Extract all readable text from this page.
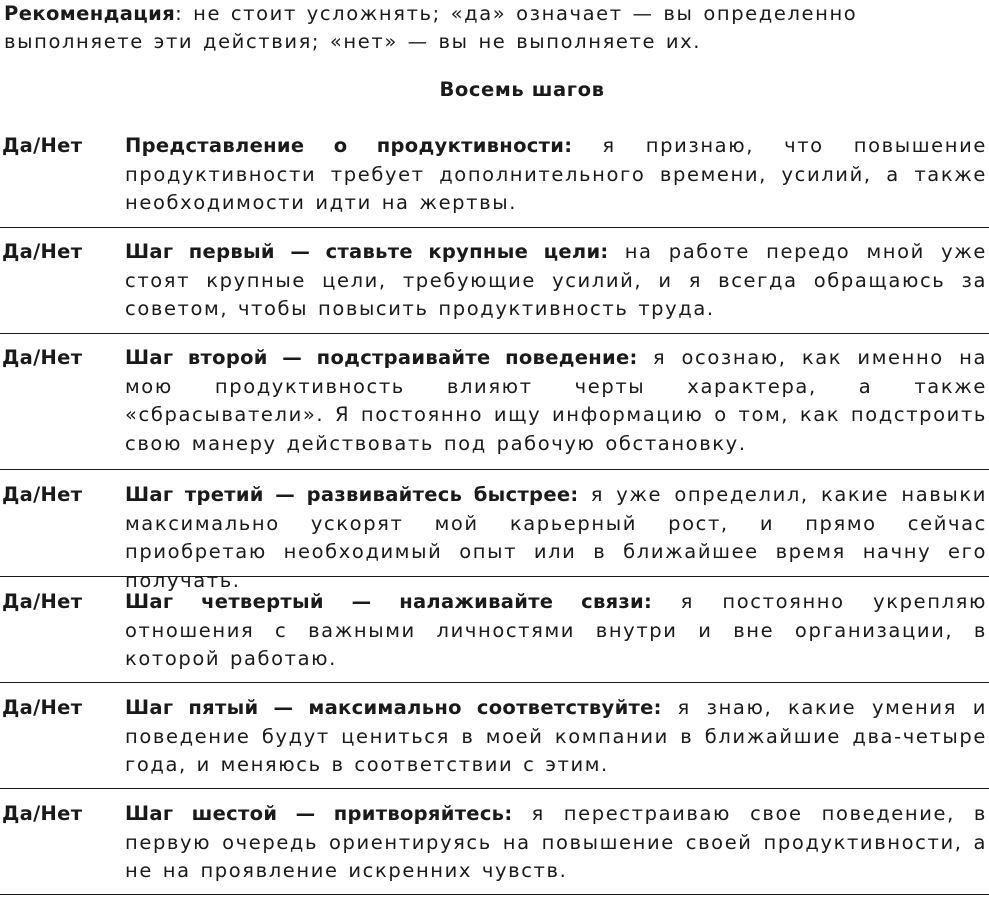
Рекомендация: не стоит усложнять; «да» означает — вы определенно выполняете эти действия; «нет» — вы не выполняете их.

Восемь шагов
Да/Нет Представление о продуктивности: я признаю, что повышение продуктивности требует дополнительного времени, усилий, а также необходимости идти на жертвы.
Да/Нет Шаг первый — ставьте крупные цели: на работе передо мной уже стоят крупные цели, требующие усилий, и я всегда обращаюсь за советом, чтобы повысить продуктивность труда.
Да/Нет Шаг второй — подстраивайте поведение: я осознаю, как именно на мою продуктивность влияют черты характера, а также «сбрасыватели». Я постоянно ищу информацию о том, как подстроить свою манеру действовать под рабочую обстановку.
Да/Нет Шаг третий — развивайтесь быстрее: я уже определил, какие навыки максимально ускорят мой карьерный рост, и прямо сейчас приобретаю необходимый опыт или в ближайшее время начну его получать.
Да/Нет Шаг четвертый — налаживайте связи: я постоянно укрепляю отношения с важными личностями внутри и вне организации, в которой работаю.
Да/Нет Шаг пятый — максимально соответствуйте: я знаю, какие умения и поведение будут цениться в моей компании в ближайшие два-четыре года, и меняюсь в соответствии с этим.
Да/Нет Шаг шестой — притворяйтесь: я перестраиваю свое поведение, в первую очередь ориентируясь на повышение своей продуктивности, а не на проявление искренних чувств.
